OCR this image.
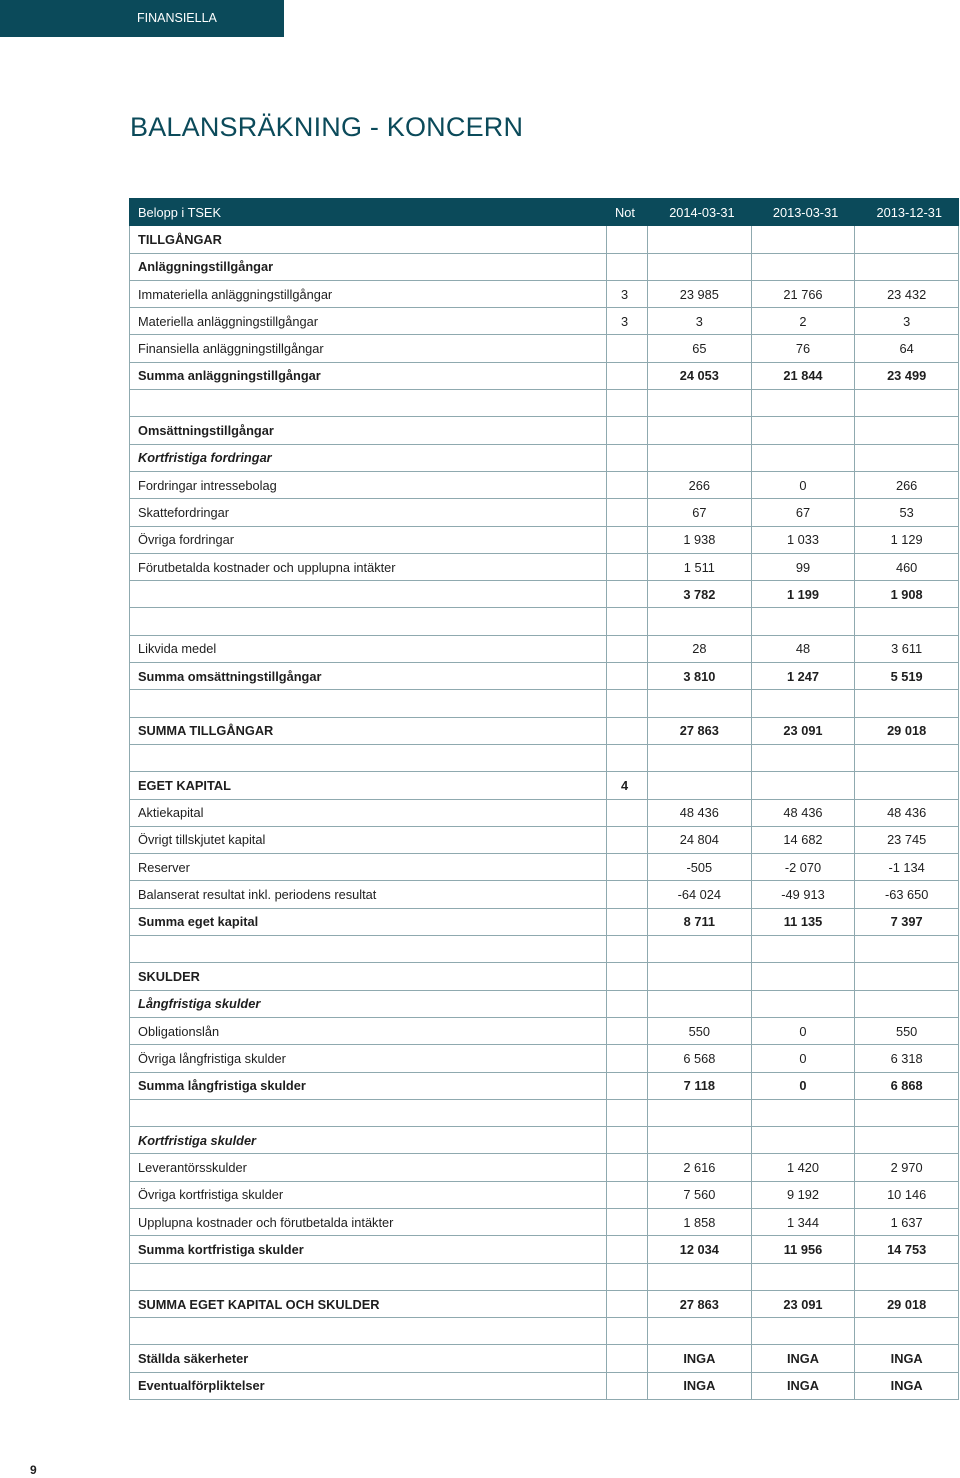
FINANSIELLA RAPPORTER
BALANSRÄKNING - KONCERN
Belopp i TSEK	Not	2014-03-31	2013-03-31	2013-12-31
TILLGÅNGAR				
Anläggningstillgångar				
Immateriella anläggningstillgångar	3	23 985	21 766	23 432
Materiella anläggningstillgångar	3	3	2	3
Finansiella anläggningstillgångar		65	76	64
Summa anläggningstillgångar		24 053	21 844	23 499

Omsättningstillgångar				
Kortfristiga fordringar				
Fordringar intressebolag		266	0	266
Skattefordringar		67	67	53
Övriga fordringar		1 938	1 033	1 129
Förutbetalda kostnader och upplupna intäkter		1 511	99	460
		3 782	1 199	1 908

Likvida medel		28	48	3 611
Summa omsättningstillgångar		3 810	1 247	5 519

SUMMA TILLGÅNGAR		27 863	23 091	29 018

EGET KAPITAL	4			
Aktiekapital		48 436	48 436	48 436
Övrigt tillskjutet kapital		24 804	14 682	23 745
Reserver		-505	-2 070	-1 134
Balanserat resultat inkl. periodens resultat		-64 024	-49 913	-63 650
Summa eget kapital		8 711	11 135	7 397

SKULDER				
Långfristiga skulder				
Obligationslån		550	0	550
Övriga långfristiga skulder		6 568	0	6 318
Summa långfristiga skulder		7 118	0	6 868

Kortfristiga skulder				
Leverantörsskulder		2 616	1 420	2 970
Övriga kortfristiga skulder		7 560	9 192	10 146
Upplupna kostnader och förutbetalda intäkter		1 858	1 344	1 637
Summa kortfristiga skulder		12 034	11 956	14 753

SUMMA EGET KAPITAL OCH SKULDER		27 863	23 091	29 018

Ställda säkerheter		INGA	INGA	INGA
Eventualförpliktelser		INGA	INGA	INGA
9
